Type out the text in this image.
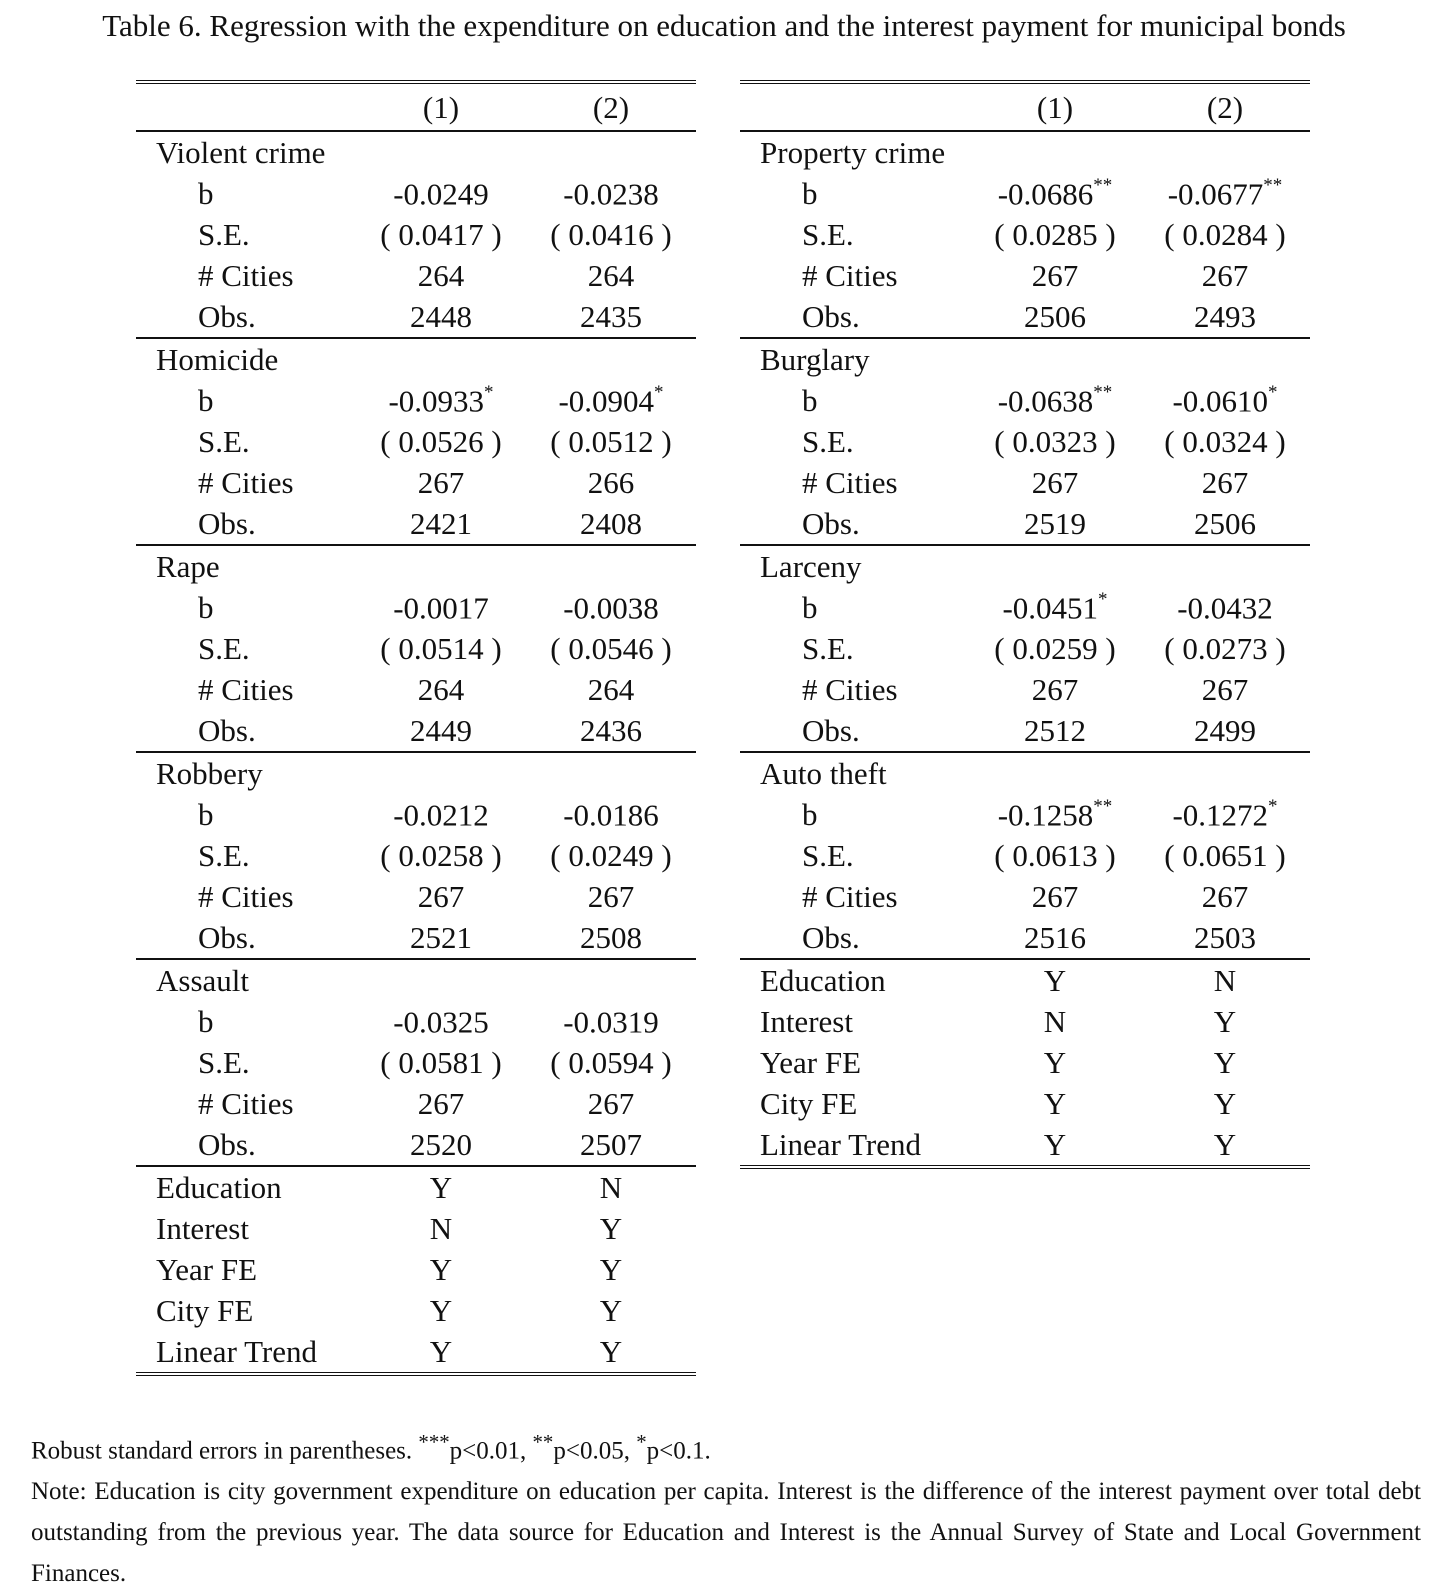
Table 6. Regression with the expenditure on education and the interest payment for municipal bonds
	(1)	(2)
Violent crime		
b	-0.0249	-0.0238
S.E.	( 0.0417 )	( 0.0416 )
# Cities	264	264
Obs.	2448	2435
Homicide		
b	-0.0933*	-0.0904*
S.E.	( 0.0526 )	( 0.0512 )
# Cities	267	266
Obs.	2421	2408
Rape		
b	-0.0017	-0.0038
S.E.	( 0.0514 )	( 0.0546 )
# Cities	264	264
Obs.	2449	2436
Robbery		
b	-0.0212	-0.0186
S.E.	( 0.0258 )	( 0.0249 )
# Cities	267	267
Obs.	2521	2508
Assault		
b	-0.0325	-0.0319
S.E.	( 0.0581 )	( 0.0594 )
# Cities	267	267
Obs.	2520	2507
Education	Y	N
Interest	N	Y
Year FE	Y	Y
City FE	Y	Y
Linear Trend	Y	Y
	(1)	(2)
Property crime		
b	-0.0686**	-0.0677**
S.E.	( 0.0285 )	( 0.0284 )
# Cities	267	267
Obs.	2506	2493
Burglary		
b	-0.0638**	-0.0610*
S.E.	( 0.0323 )	( 0.0324 )
# Cities	267	267
Obs.	2519	2506
Larceny		
b	-0.0451*	-0.0432
S.E.	( 0.0259 )	( 0.0273 )
# Cities	267	267
Obs.	2512	2499
Auto theft		
b	-0.1258**	-0.1272*
S.E.	( 0.0613 )	( 0.0651 )
# Cities	267	267
Obs.	2516	2503
Education	Y	N
Interest	N	Y
Year FE	Y	Y
City FE	Y	Y
Linear Trend	Y	Y

Robust standard errors in parentheses. ***p<0.01, **p<0.05, *p<0.1.

Note: Education is city government expenditure on education per capita. Interest is the difference of the interest payment over total debt outstanding from the previous year. The data source for Education and Interest is the Annual Survey of State and Local Government Finances.
